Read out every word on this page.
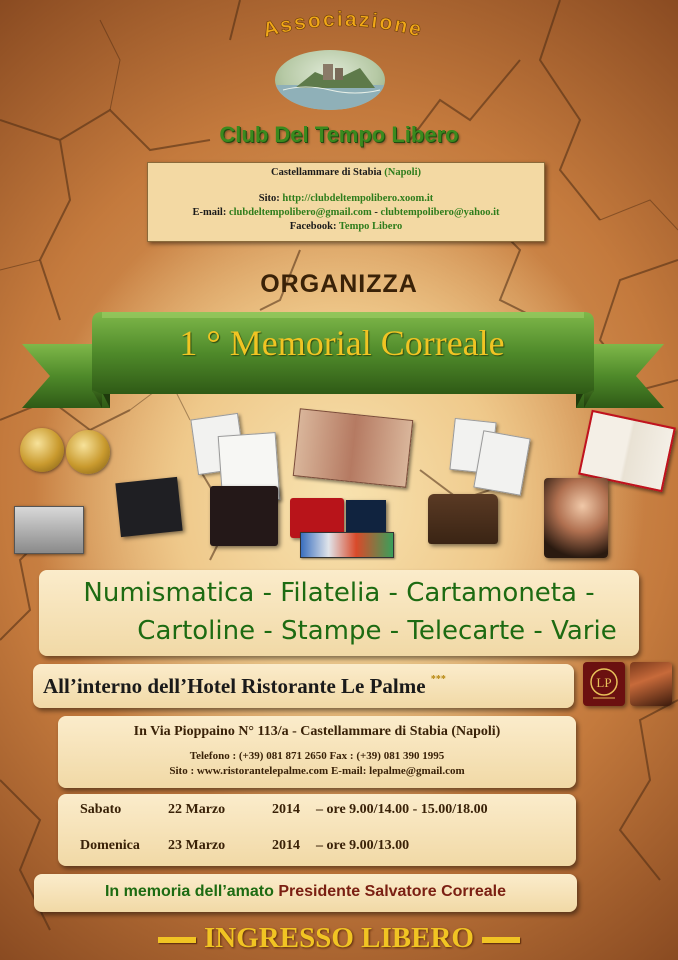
Associazione
Club Del Tempo Libero
Castellammare di Stabia (Napoli)
Sito: http://clubdeltempolibero.xoom.it
E-mail: clubdeltempolibero@gmail.com - clubtempolibero@yahoo.it
Facebook: Tempo Libero
ORGANIZZA
1 ° Memorial Correale
Numismatica - Filatelia - Cartamoneta -
Cartoline - Stampe - Telecarte - Varie
All’interno dell’Hotel Ristorante Le Palme ***	LP
In Via Pioppaino N° 113/a - Castellammare di Stabia (Napoli)
Telefono : (+39) 081 871 2650 Fax : (+39) 081 390 1995
Sito : www.ristorantelepalme.com E-mail: lepalme@gmail.com
Sabato	22 Marzo	2014 – ore 9.00/14.00 - 15.00/18.00
Domenica 23 Marzo	2014 – ore 9.00/13.00
In memoria dell’amato Presidente Salvatore Correale
INGRESSO LIBERO
